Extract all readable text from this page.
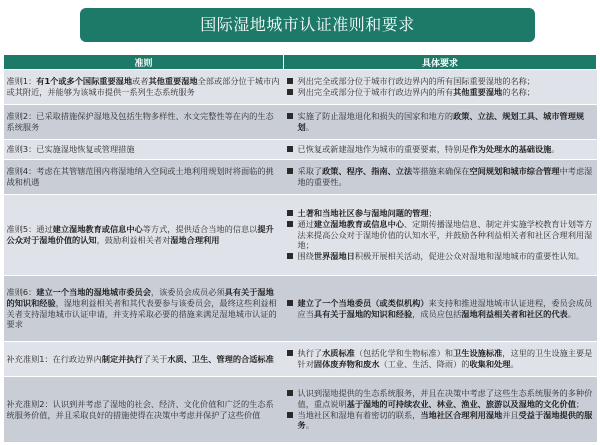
国际湿地城市认证准则和要求
准则	具体要求

准则1：有1个或多个国际重要湿地或者其他重要湿地全部或部分位于城市内或其附近，并能够为该城市提供一系列生态系统服务	列出完全或部分位于城市行政边界内的所有国际重要湿地的名称；
列出完全或部分位于城市行政边界内的所有其他重要湿地的名称；

准则2：已采取措施保护湿地及包括生物多样性、水文完整性等在内的生态系统服务	实施了防止湿地退化和损失的国家和地方的政策、立法、规划工具、城市管理规划。

准则3：已实施湿地恢复或管理措施	已恢复或新建湿地作为城市的重要要素，特别是作为处理水的基础设施。

准则4：考虑在其管辖范围内将湿地纳入空间或土地利用规划时将面临的挑战和机遇	采取了政策、程序、指南、立法等措施来确保在空间规划和城市综合管理中考虑湿地的重要性。

准则5：通过建立湿地教育或信息中心等方式，提供适合当地的信息以提升公众对于湿地价值的认知，鼓励利益相关者对湿地合理利用	土著和当地社区参与湿地问题的管理；
通过建立湿地教育或信息中心、定期传播湿地信息、制定并实施学校教育计划等方法来提高公众对于湿地价值的认知水平，并鼓励各种利益相关者和社区合理利用湿地；
围绕世界湿地日积极开展相关活动，促进公众对湿地和湿地城市的重要性认知。

准则6：建立一个当地的湿地城市委员会，该委员会成员必须具有关于湿地的知识和经验，湿地利益相关者和其代表要参与该委员会，最终这些利益相关者支持湿地城市认证申请，并支持采取必要的措施来满足湿地城市认证的要求	建立了一个当地委员（或类似机构）来支持和推进湿地城市认证进程，委员会成员应当具有关于湿地的知识和经验，成员应包括湿地利益相关者和社区的代表。

补充准则1：在行政边界内制定并执行了关于水质、卫生、管理的合适标准	执行了水质标准（包括化学和生物标准）和卫生设施标准，这里的卫生设施主要是针对固体废弃物和废水（工业、生活、降雨）的收集和处理。

补充准则2：认识到并考虑了湿地的社会、经济、文化价值和广泛的生态系统服务价值，并且采取良好的措施使得在决策中考虑并保护了这些价值	认识到湿地提供的生态系统服务，并且在决策中考虑了这些生态系统服务的多种价值，重点说明基于湿地的可持续农业、林业、渔业、旅游以及湿地的文化价值；
当地社区和湿地有着密切的联系，当地社区合理利用湿地并且受益于湿地提供的服务。
